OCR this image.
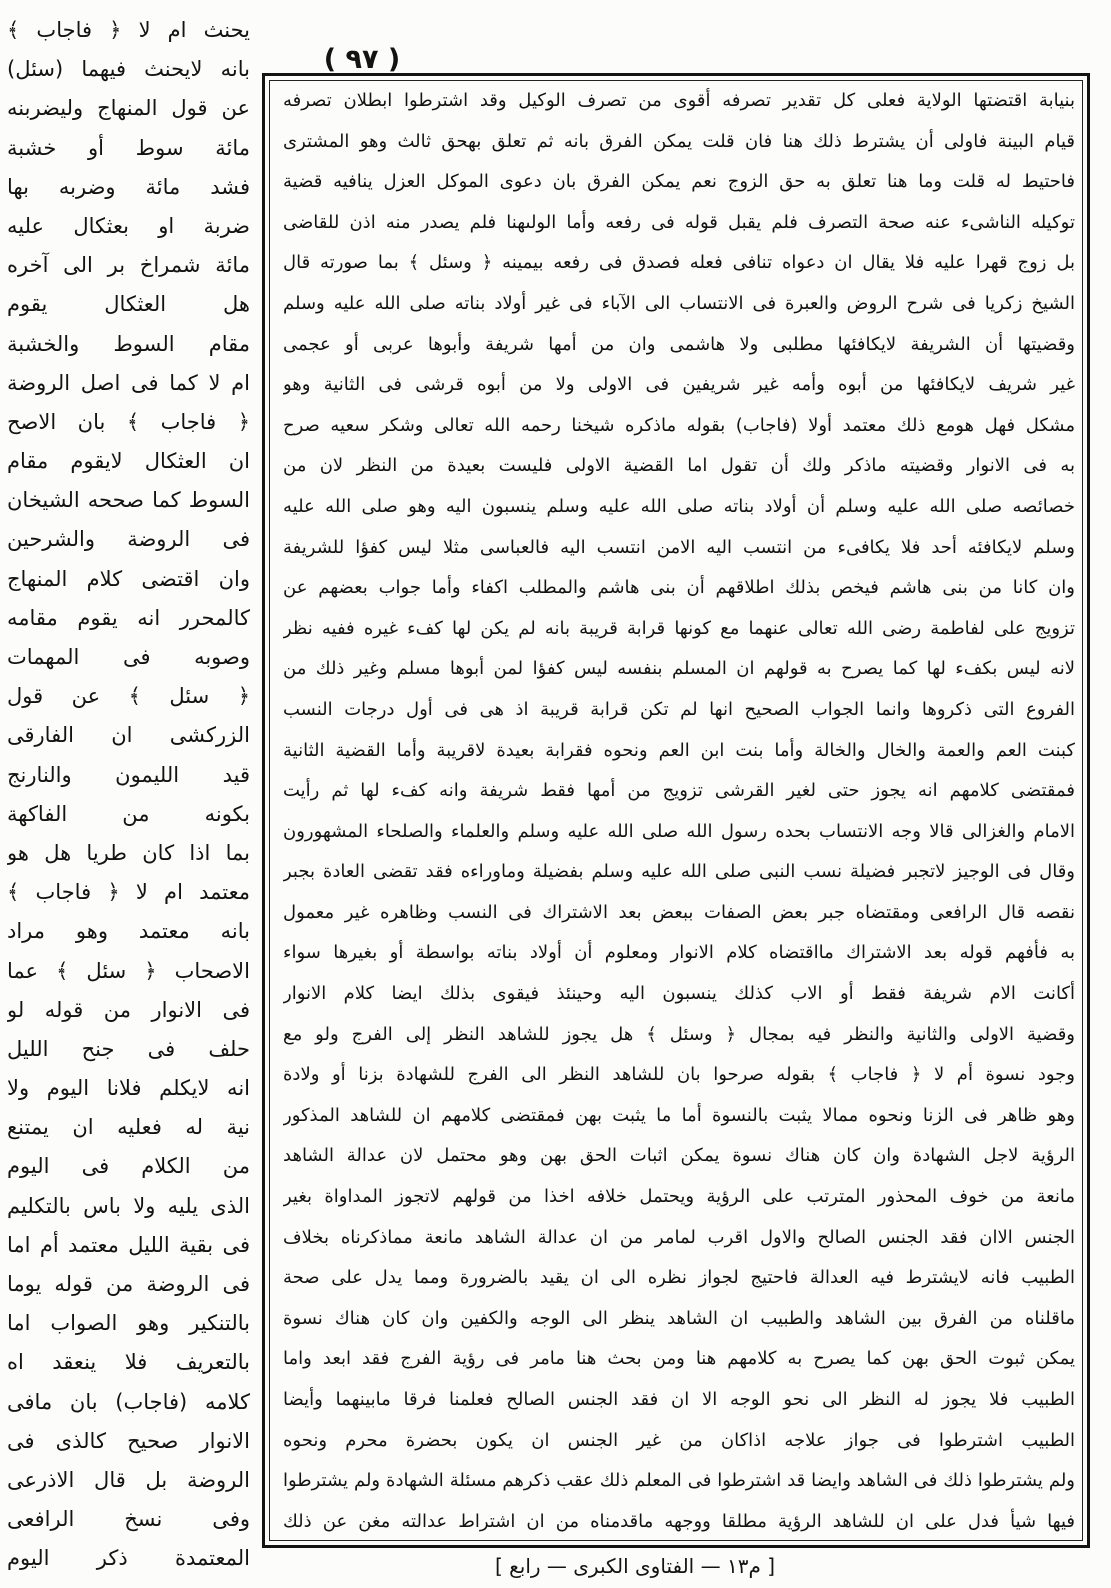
( ٩٧ )
يحنث ام لا ﴿ فاجاب ﴾
بانه لايحنث فيهما (سئل)
عن قول المنهاج وليضربنه
مائة سوط أو خشبة
فشد مائة وضربه بها
ضربة او بعثكال عليه
مائة شمراخ بر الى آخره
هل العثكال يقوم
مقام السوط والخشبة
ام لا كما فى اصل الروضة
﴿ فاجاب ﴾ بان الاصح
ان العثكال لايقوم مقام
السوط كما صححه الشيخان
فى الروضة والشرحين
وان اقتضى كلام المنهاج
كالمحرر انه يقوم مقامه
وصوبه فى المهمات
﴿ سئل ﴾ عن قول
الزركشى ان الفارقى
قيد الليمون والنارنج
بكونه من الفاكهة
بما اذا كان طريا هل هو
معتمد ام لا ﴿ فاجاب ﴾
بانه معتمد وهو مراد
الاصحاب ﴿ سئل ﴾ عما
فى الانوار من قوله لو
حلف فى جنح الليل
انه لايكلم فلانا اليوم ولا
نية له فعليه ان يمتنع
من الكلام فى اليوم
الذى يليه ولا باس بالتكليم
فى بقية الليل معتمد أم اما
فى الروضة من قوله يوما
بالتنكير وهو الصواب اما
بالتعريف فلا ينعقد اه
كلامه (فاجاب) بان مافى
الانوار صحيح كالذى فى
الروضة بل قال الاذرعى
وفى نسخ الرافعى
المعتمدة ذكر اليوم
بنيابة اقتضتها الولاية فعلى كل تقدير تصرفه أقوى من تصرف الوكيل وقد اشترطوا ابطلان تصرفه
قيام البينة فاولى أن يشترط ذلك هنا فان قلت يمكن الفرق بانه ثم تعلق بهحق ثالث وهو المشترى
فاحتيط له قلت وما هنا تعلق به حق الزوج نعم يمكن الفرق بان دعوى الموكل العزل ينافيه قضية
توكيله الناشىء عنه صحة التصرف فلم يقبل قوله فى رفعه وأما الولىهنا فلم يصدر منه اذن للقاضى
بل زوج قهرا عليه فلا يقال ان دعواه تنافى فعله فصدق فى رفعه بيمينه ﴿ وسئل ﴾ بما صورته قال
الشيخ زكريا فى شرح الروض والعبرة فى الانتساب الى الآباء فى غير أولاد بناته صلى الله عليه وسلم
وقضيتها أن الشريفة لايكافئها مطلبى ولا هاشمى وان من أمها شريفة وأبوها عربى أو عجمى
غير شريف لايكافئها من أبوه وأمه غير شريفين فى الاولى ولا من أبوه قرشى فى الثانية وهو
مشكل فهل هومع ذلك معتمد أولا (فاجاب) بقوله ماذكره شيخنا رحمه الله تعالى وشكر سعيه صرح
به فى الانوار وقضيته ماذكر ولك أن تقول اما القضية الاولى فليست بعيدة من النظر لان من
خصائصه صلى الله عليه وسلم أن أولاد بناته صلى الله عليه وسلم ينسبون اليه وهو صلى الله عليه
وسلم لايكافئه أحد فلا يكافىء من انتسب اليه الامن انتسب اليه فالعباسى مثلا ليس كفؤا للشريفة
وان كانا من بنى هاشم فيخص بذلك اطلاقهم أن بنى هاشم والمطلب اكفاء وأما جواب بعضهم عن
تزويج على لفاطمة رضى الله تعالى عنهما مع كونها قرابة قريبة بانه لم يكن لها كفء غيره ففيه نظر
لانه ليس بكفء لها كما يصرح به قولهم ان المسلم بنفسه ليس كفؤا لمن أبوها مسلم وغير ذلك من
الفروع التى ذكروها وانما الجواب الصحيح انها لم تكن قرابة قريبة اذ هى فى أول درجات النسب
كبنت العم والعمة والخال والخالة وأما بنت ابن العم ونحوه فقرابة بعيدة لاقريبة وأما القضية الثانية
فمقتضى كلامهم انه يجوز حتى لغير القرشى تزويج من أمها فقط شريفة وانه كفء لها ثم رأيت
الامام والغزالى قالا وجه الانتساب بحده رسول الله صلى الله عليه وسلم والعلماء والصلحاء المشهورون
وقال فى الوجيز لاتجبر فضيلة نسب النبى صلى الله عليه وسلم بفضيلة وماوراءه فقد تقضى العادة بجبر
نقصه قال الرافعى ومقتضاه جبر بعض الصفات ببعض بعد الاشتراك فى النسب وظاهره غير معمول
به فأفهم قوله بعد الاشتراك مااقتضاه كلام الانوار ومعلوم أن أولاد بناته بواسطة أو بغيرها سواء
أكانت الام شريفة فقط أو الاب كذلك ينسبون اليه وحينئذ فيقوى بذلك ايضا كلام الانوار
وقضية الاولى والثانية والنظر فيه بمجال ﴿ وسئل ﴾ هل يجوز للشاهد النظر إلى الفرج ولو مع
وجود نسوة أم لا ﴿ فاجاب ﴾ بقوله صرحوا بان للشاهد النظر الى الفرج للشهادة بزنا أو ولادة
وهو ظاهر فى الزنا ونحوه ممالا يثبت بالنسوة أما ما يثبت بهن فمقتضى كلامهم ان للشاهد المذكور
الرؤية لاجل الشهادة وان كان هناك نسوة يمكن اثبات الحق بهن وهو محتمل لان عدالة الشاهد
مانعة من خوف المحذور المترتب على الرؤية ويحتمل خلافه اخذا من قولهم لاتجوز المداواة بغير
الجنس الاان فقد الجنس الصالح والاول اقرب لمامر من ان عدالة الشاهد مانعة مماذكرناه بخلاف
الطبيب فانه لايشترط فيه العدالة فاحتيج لجواز نظره الى ان يقيد بالضرورة ومما يدل على صحة
ماقلناه من الفرق بين الشاهد والطبيب ان الشاهد ينظر الى الوجه والكفين وان كان هناك نسوة
يمكن ثبوت الحق بهن كما يصرح به كلامهم هنا ومن بحث هنا مامر فى رؤية الفرج فقد ابعد واما
الطبيب فلا يجوز له النظر الى نحو الوجه الا ان فقد الجنس الصالح فعلمنا فرقا مابينهما وأيضا
الطبيب اشترطوا فى جواز علاجه اذاكان من غير الجنس ان يكون بحضرة محرم ونحوه
ولم يشترطوا ذلك فى الشاهد وايضا قد اشترطوا فى المعلم ذلك عقب ذكرهم مسئلة الشهادة ولم يشترطوا
فيها شيأ فدل على ان للشاهد الرؤية مطلقا ووجهه ماقدمناه من ان اشتراط عدالته مغن عن ذلك
[ م١٣ — الفتاوى الكبرى — رابع ]
